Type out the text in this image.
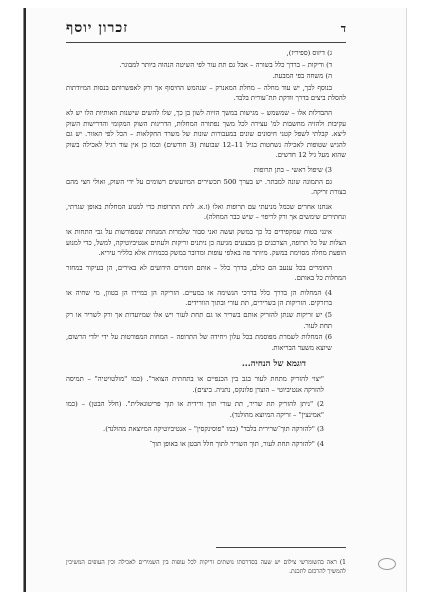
ד
זכרון יוסף

ג) דיזוס (ספיריז),

ד) ודיקות – ברדך כלל בשורה – אבל גם תת עור לפי השיטה הנהוה ביותר למבוגר.

ה) משחה בפי המבעת.

בנוסף לכך, יש עוד מחלה – מחלת המאנרק – שנהמש החיסוף אך ורק לאפשרותם בנסות המיודתות להסלת ביצים בדרך וודקת תת־עורית בלבד.

ההבדלות אלו – שמשמש – מגישות במשך הזיוה לשון בן כך, שלו להשים שישנות האותיות הלו יש לא עקיבות ולהזיה מחשבות למ' עצירה לכל משך נפתורה המחלות, הדריגות השוק המקומי והדרישות השוק ליצא. קבלתי לשפל קטני חיסונים שונים במעבורות שונות של משרד החקלאות – הכל לפי האזור. יש גם להגיש שטופות לאכילה נשחטות בגיל 11–12 שבועות (3 חודשים) וכמו כן אין עוד רגיל לאכילה בשוק שהוא מעל גיל 12 חדשים.

3) שיפול ראשי – בתן תרופות

גם התמונה שונה למבתר. יש בערך 500 תכשירים המיועשים רשומים על ידי השוק, ואולי חצי מהם בצורת זריקה.

אנחנו אחרים שכמל מניעתי עם תרופות ואלו (ז.א. לתת התרופות כדי למנוע המחלות באופן שגרתי, ונחתירים שימשים אך ורק לריפוי – שיש כבר המחלה).

אינני בטוח שמקפידים כל כך במשק ועשה ואני סבור שלמרות המנחות שמפורשות על גבי התחות או הצלות של כל תרופה, הצרכנים כן מבצעים מניעה כן ניתנים זריקות ולעתים אנטיביוטיקה, למשל, כדי למנוע הופעת מחלה מסוימת במשק. מיותר פה באלפי עופות ומדובר במשק בכמויות אלא כלליר עיריא.

החומרים בכל ענעב הם כולם, בדרך כלל – אותם חומרים הידועים לא באירים, הן בעיקור במחזר המחלות כל באותם.

4) המחלות הן בדרך כלל בדרכי הנשימה או במעיים. הזריקה הן כמיירו הן בטוון, מי שחיה או ברזרקים. הזריקות הן בשרירים, תת עורי ובתוך הוורידים.

5) יש זריקות שנתן להזריק אותם בשריר או גם תחת לעור ויש אלו שמיועדות אך ורק לשריר או רק תחת לעור.

6) המחלות לשמרת מפוסמת בכל עלון ויחידה של התרופה – המחות המפורטות על ידי ילדי הרשום, שיוצא משער הבריאות.

דוגמא של הנחיה...

"יצוי להזריק מתחת לעור בגב בין הכנפיים או בתחתית הצואר". (כמו "מולטויטיה" – תמיסה להזרקה אנטיביוטי – הוצרן פלונקס, נתניה. ביצים).

2) "ניתן להזריק תת שריר, תת עורי תוך ורידית או תוך פריטונאלית". (חלל הבטן) – (כמו "אמינצין" – זריקה המיוצא מהולנד).

3) "להזרקה תוך־שרירית בלבד" (כמו "פוסינקסין" – אנטיביוטיקה המיוצאת מהולנד).

4) "להזרקה תחת לעור, תוך השריר לתוך חלל הבטן או באופן תוך־

1) ראה בהשומרשי צילום יש שעה בסדרסתו נושתים זריקות לכל עופות בין השמירים לאכילה וכין העופים המשיכין להמשיך להרכזם לתכנת.
